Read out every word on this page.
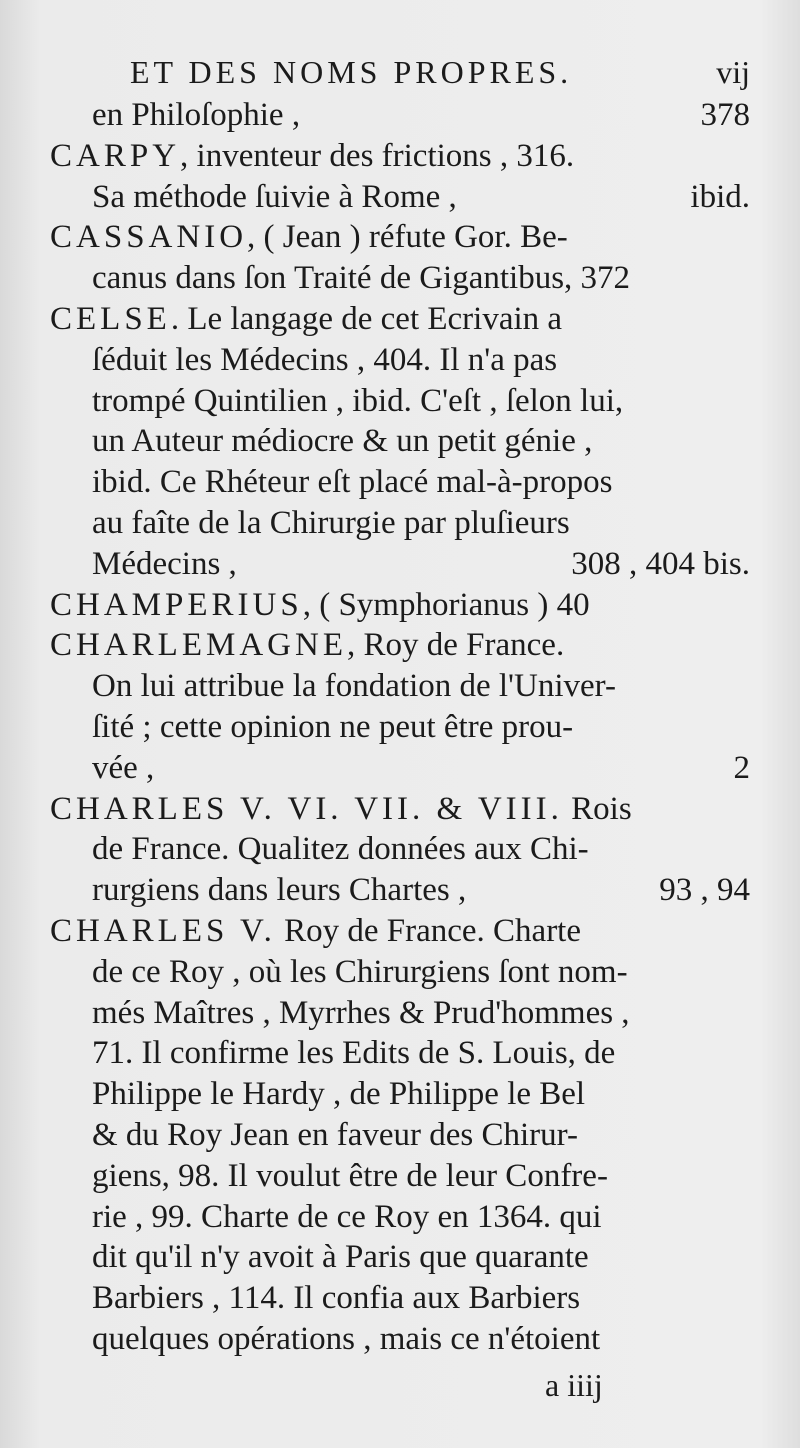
ET DES NOMS PROPRES.	vij
en Philoſophie ,	378
CARPY, inventeur des frictions , 316.
Sa méthode ſuivie à Rome ,	ibid.
CASSANIO, ( Jean ) réfute Gor. Be-
canus dans ſon Traité de Gigantibus, 372
CELSE. Le langage de cet Ecrivain a
ſéduit les Médecins , 404. Il n'a pas
trompé Quintilien , ibid. C'eſt , ſelon lui,
un Auteur médiocre & un petit génie ,
ibid. Ce Rhéteur eſt placé mal-à-propos
au faîte de la Chirurgie par pluſieurs
Médecins ,	308 , 404 bis.
CHAMPERIUS, ( Symphorianus ) 40
CHARLEMAGNE, Roy de France.
On lui attribue la fondation de l'Univer-
ſité ; cette opinion ne peut être prou-
vée ,	2
CHARLES V. VI. VII. & VIII. Rois
de France. Qualitez données aux Chi-
rurgiens dans leurs Chartes ,	93 , 94
CHARLES V. Roy de France. Charte
de ce Roy , où les Chirurgiens ſont nom-
més Maîtres , Myrrhes & Prud'hommes ,
71. Il confirme les Edits de S. Louis, de
Philippe le Hardy , de Philippe le Bel
& du Roy Jean en faveur des Chirur-
giens, 98. Il voulut être de leur Confre-
rie , 99. Charte de ce Roy en 1364. qui
dit qu'il n'y avoit à Paris que quarante
Barbiers , 114. Il confia aux Barbiers
quelques opérations , mais ce n'étoient
a iiij
